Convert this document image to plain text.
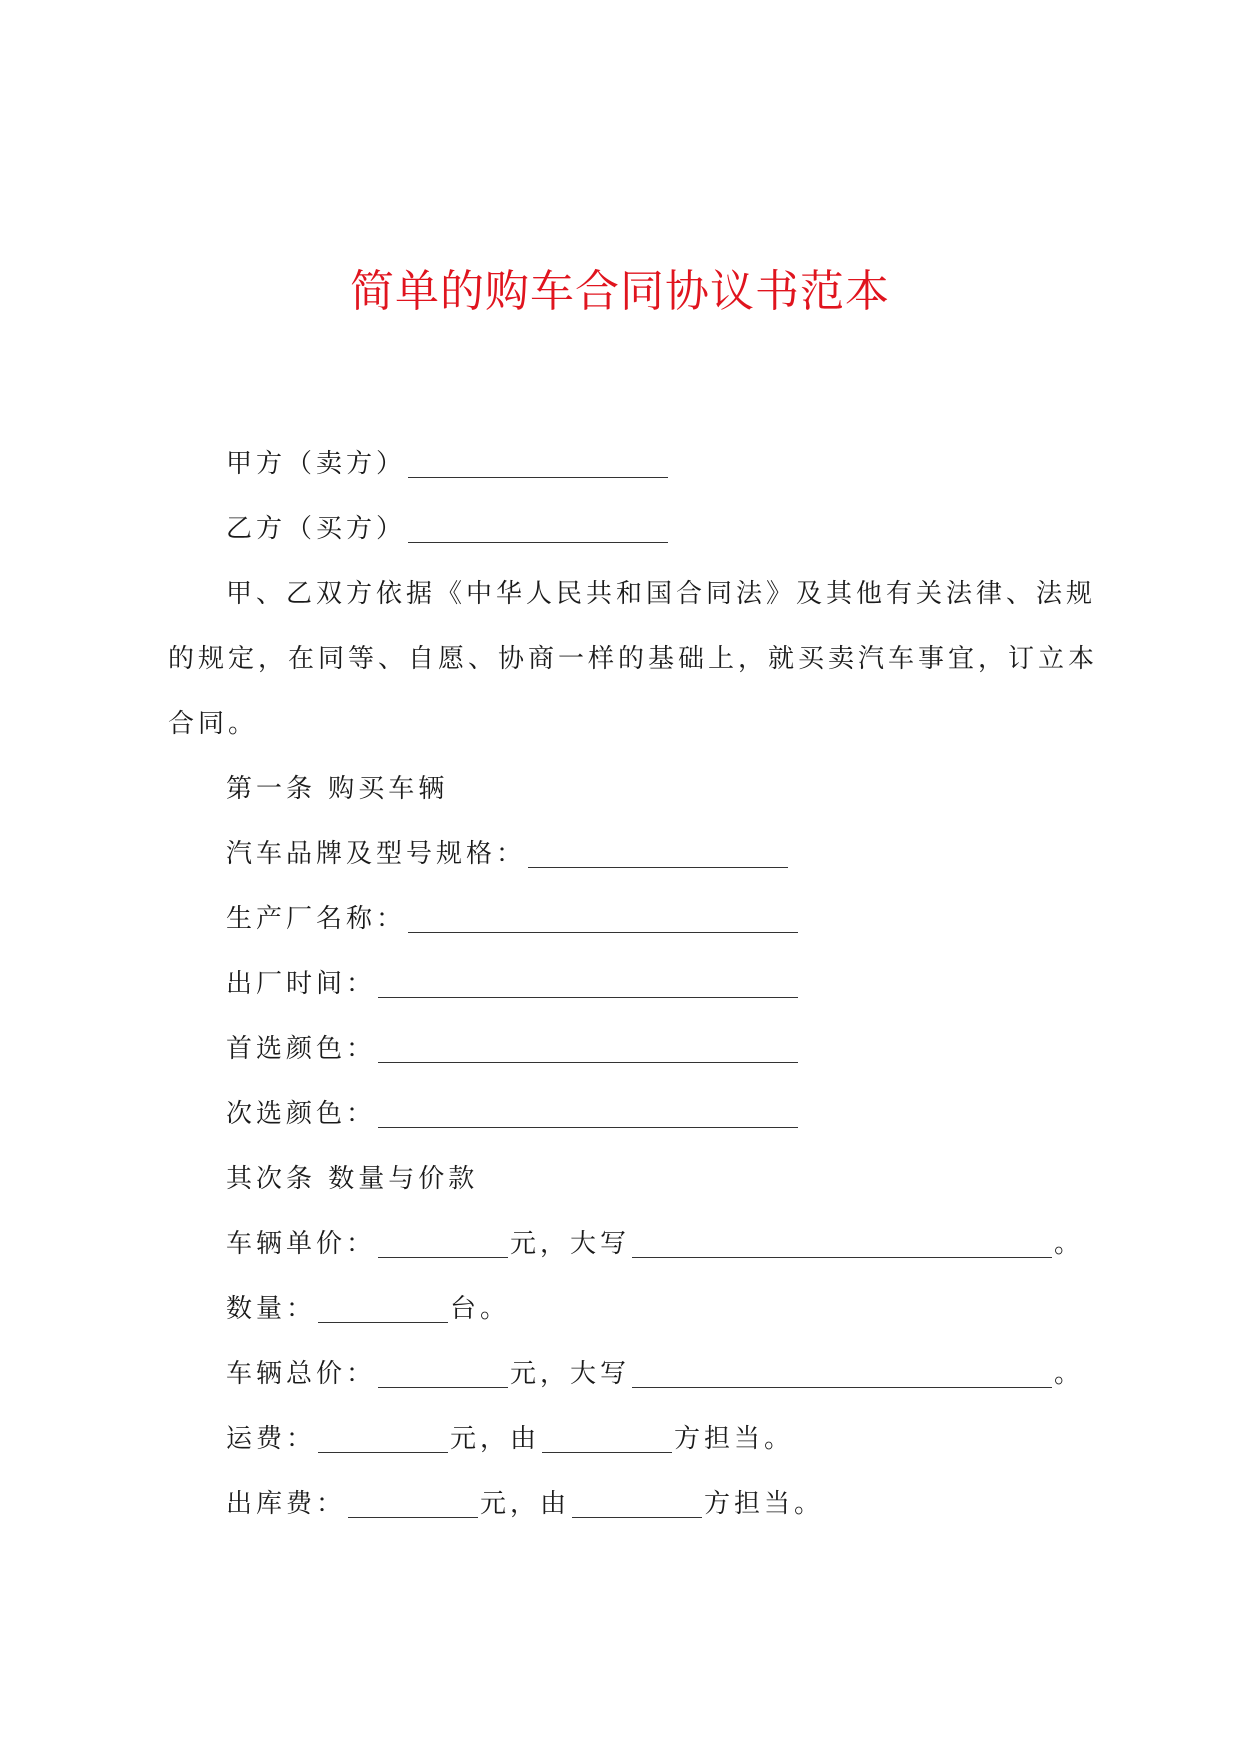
简单的购车合同协议书范本
甲方（卖方）
乙方（买方）
甲、乙双方依据《中华人民共和国合同法》及其他有关法律、法规
的规定，在同等、自愿、协商一样的基础上，就买卖汽车事宜，订立本
合同。
第一条 购买车辆
汽车品牌及型号规格：
生产厂名称：
出厂时间：
首选颜色：
次选颜色：
其次条 数量与价款
车辆单价：	元，大写	。
数量：	台。
车辆总价：	元，大写	。
运费：	元，由	方担当。
出库费：	元，由	方担当。
